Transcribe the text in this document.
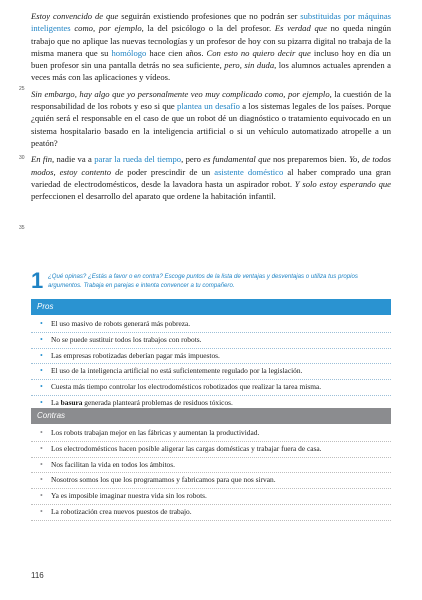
Estoy convencido de que seguirán existiendo profesiones que no podrán ser substituidas por máquinas inteligentes como, por ejemplo, la del psicólogo o la del profesor. Es verdad que no queda ningún trabajo que no aplique las nuevas tecnologías y un profesor de hoy con su pizarra digital no trabaja de la misma manera que su homólogo hace cien años. Con esto no quiero decir que incluso hoy en día un buen profesor sin una pantalla detrás no sea suficiente, pero, sin duda, los alumnos actuales aprenden a veces más con las aplicaciones y vídeos.

Sin embargo, hay algo que yo personalmente veo muy complicado como, por ejemplo, la cuestión de la responsabilidad de los robots y eso si que plantea un desafío a los sistemas legales de los países. Porque ¿quién será el responsable en el caso de que un robot dé un diagnóstico o tratamiento equivocado en un sistema hospitalario basado en la inteligencia artificial o si un vehículo automatizado atropelle a un peatón?

En fin, nadie va a parar la rueda del tiempo, pero es fundamental que nos preparemos bien. Yo, de todos modos, estoy contento de poder prescindir de un asistente doméstico al haber comprado una gran variedad de electrodomésticos, desde la lavadora hasta un aspirador robot. Y solo estoy esperando que perfeccionen el desarrollo del aparato que ordene la habitación infantil.

25
30
35
1 ¿Qué opinas? ¿Estás a favor o en contra? Escoge puntos de la lista de ventajas y desventajas o utiliza tus propios argumentos. Trabaja en parejas e intenta convencer a tu compañero.
Pros
• El uso masivo de robots generará más pobreza.
• No se puede sustituir todos los trabajos con robots.
• Las empresas robotizadas deberían pagar más impuestos.
• El uso de la inteligencia artificial no está suficientemente regulado por la legislación.
• Cuesta más tiempo controlar los electrodomésticos robotizados que realizar la tarea misma.
• La basura generada planteará problemas de residuos tóxicos.
Contras
• Los robots trabajan mejor en las fábricas y aumentan la productividad.
• Los electrodomésticos hacen posible aligerar las cargas domésticas y trabajar fuera de casa.
• Nos facilitan la vida en todos los ámbitos.
• Nosotros somos los que los programamos y fabricamos para que nos sirvan.
• Ya es imposible imaginar nuestra vida sin los robots.
• La robotización crea nuevos puestos de trabajo.
116
